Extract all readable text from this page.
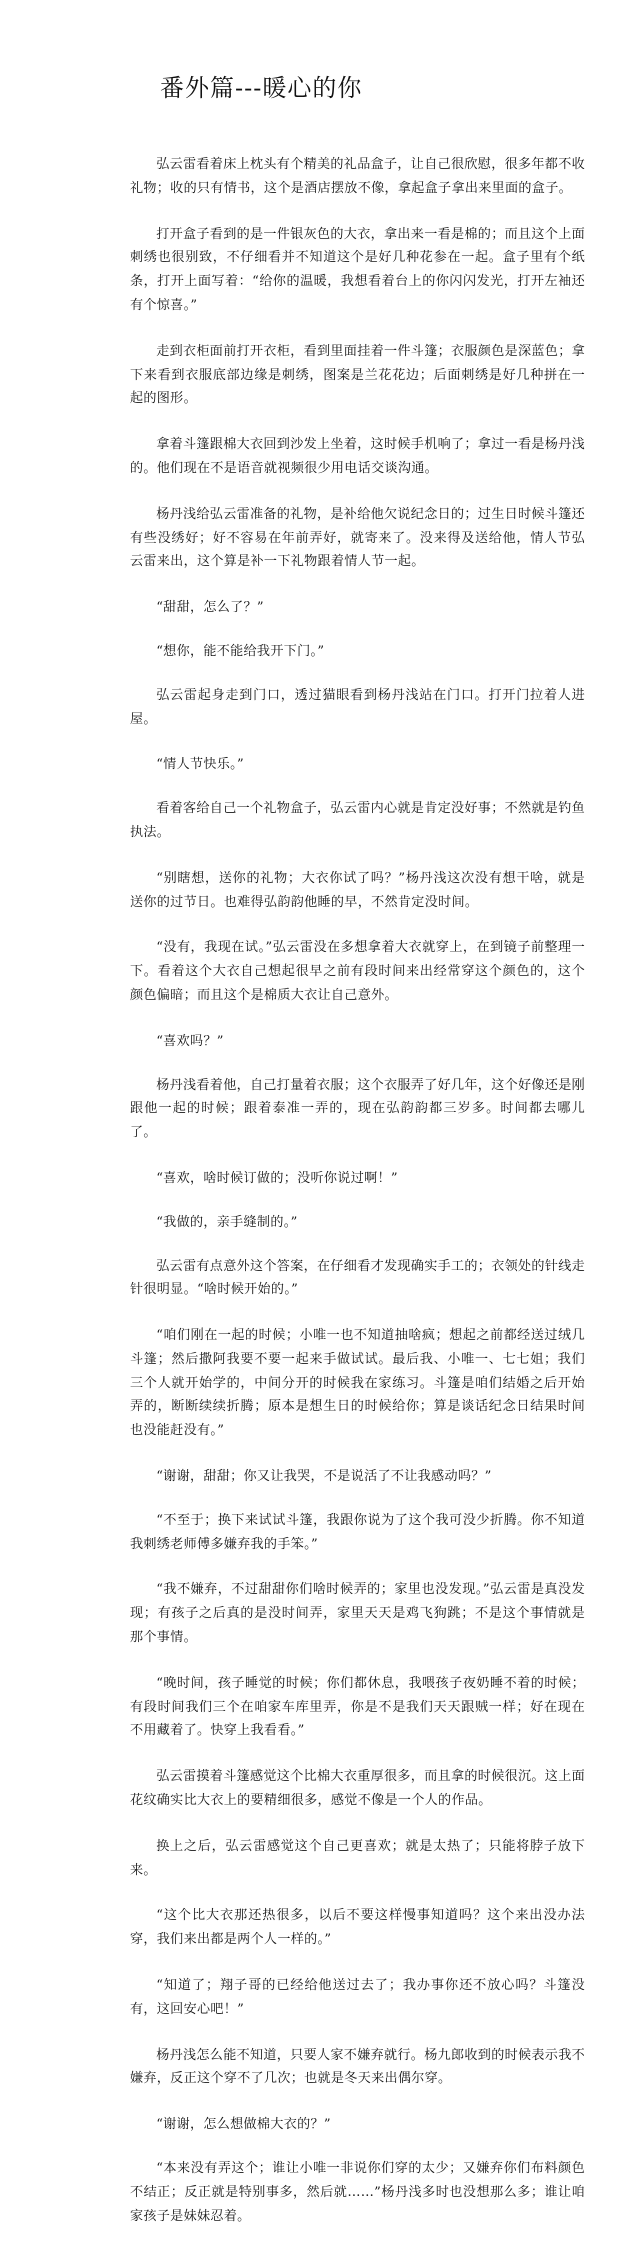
番外篇---暖心的你

弘云雷看着床上枕头有个精美的礼品盒子，让自己很欣慰，很多年都不收礼物；收的只有情书，这个是酒店摆放不像，拿起盒子拿出来里面的盒子。

打开盒子看到的是一件银灰色的大衣，拿出来一看是棉的；而且这个上面刺绣也很别致，不仔细看并不知道这个是好几种花参在一起。盒子里有个纸条，打开上面写着：“给你的温暖，我想看着台上的你闪闪发光，打开左袖还有个惊喜。”

走到衣柜面前打开衣柜，看到里面挂着一件斗篷；衣服颜色是深蓝色；拿下来看到衣服底部边缘是刺绣，图案是兰花花边；后面刺绣是好几种拼在一起的图形。

拿着斗篷跟棉大衣回到沙发上坐着，这时候手机响了；拿过一看是杨丹浅的。他们现在不是语音就视频很少用电话交谈沟通。

杨丹浅给弘云雷准备的礼物，是补给他欠说纪念日的；过生日时候斗篷还有些没绣好；好不容易在年前弄好，就寄来了。没来得及送给他，情人节弘云雷来出，这个算是补一下礼物跟着情人节一起。

“甜甜，怎么了？”

“想你，能不能给我开下门。”

弘云雷起身走到门口，透过猫眼看到杨丹浅站在门口。打开门拉着人进屋。

“情人节快乐。”

看着客给自己一个礼物盒子，弘云雷内心就是肯定没好事；不然就是钓鱼执法。

“别瞎想，送你的礼物；大衣你试了吗？”杨丹浅这次没有想干啥，就是送你的过节日。也难得弘韵韵他睡的早，不然肯定没时间。

“没有，我现在试。”弘云雷没在多想拿着大衣就穿上，在到镜子前整理一下。看着这个大衣自己想起很早之前有段时间来出经常穿这个颜色的，这个颜色偏暗；而且这个是棉质大衣让自己意外。

“喜欢吗？”

杨丹浅看着他，自己打量着衣服；这个衣服弄了好几年，这个好像还是刚跟他一起的时候；跟着泰准一弄的，现在弘韵韵都三岁多。时间都去哪儿了。

“喜欢，啥时候订做的；没听你说过啊！”

“我做的，亲手缝制的。”

弘云雷有点意外这个答案，在仔细看才发现确实手工的；衣领处的针线走针很明显。“啥时候开始的。”

“咱们刚在一起的时候；小唯一也不知道抽啥疯；想起之前都经送过绒几斗篷；然后撒阿我要不要一起来手做试试。最后我、小唯一、七七姐；我们三个人就开始学的，中间分开的时候我在家练习。斗篷是咱们结婚之后开始弄的，断断续续折腾；原本是想生日的时候给你；算是谈话纪念日结果时间也没能赶没有。”

“谢谢，甜甜；你又让我哭，不是说活了不让我感动吗？”

“不至于；换下来试试斗篷，我跟你说为了这个我可没少折腾。你不知道我刺绣老师傅多嫌弃我的手笨。”

“我不嫌弃，不过甜甜你们啥时候弄的；家里也没发现。”弘云雷是真没发现；有孩子之后真的是没时间弄，家里天天是鸡飞狗跳；不是这个事情就是那个事情。

“晚时间，孩子睡觉的时候；你们都休息，我喂孩子夜奶睡不着的时候；有段时间我们三个在咱家车库里弄，你是不是我们天天跟贼一样；好在现在不用藏着了。快穿上我看看。”

弘云雷摸着斗篷感觉这个比棉大衣重厚很多，而且拿的时候很沉。这上面花纹确实比大衣上的要精细很多，感觉不像是一个人的作品。

换上之后，弘云雷感觉这个自己更喜欢；就是太热了；只能将脖子放下来。

“这个比大衣那还热很多，以后不要这样慢事知道吗？这个来出没办法穿，我们来出都是两个人一样的。”

“知道了；翔子哥的已经给他送过去了；我办事你还不放心吗？斗篷没有，这回安心吧！”

杨丹浅怎么能不知道，只要人家不嫌弃就行。杨九郎收到的时候表示我不嫌弃，反正这个穿不了几次；也就是冬天来出偶尔穿。

“谢谢，怎么想做棉大衣的？”

“本来没有弄这个；谁让小唯一非说你们穿的太少；又嫌弃你们布料颜色不结正；反正就是特别事多，然后就……”杨丹浅多时也没想那么多；谁让咱家孩子是妹妹忍着。
